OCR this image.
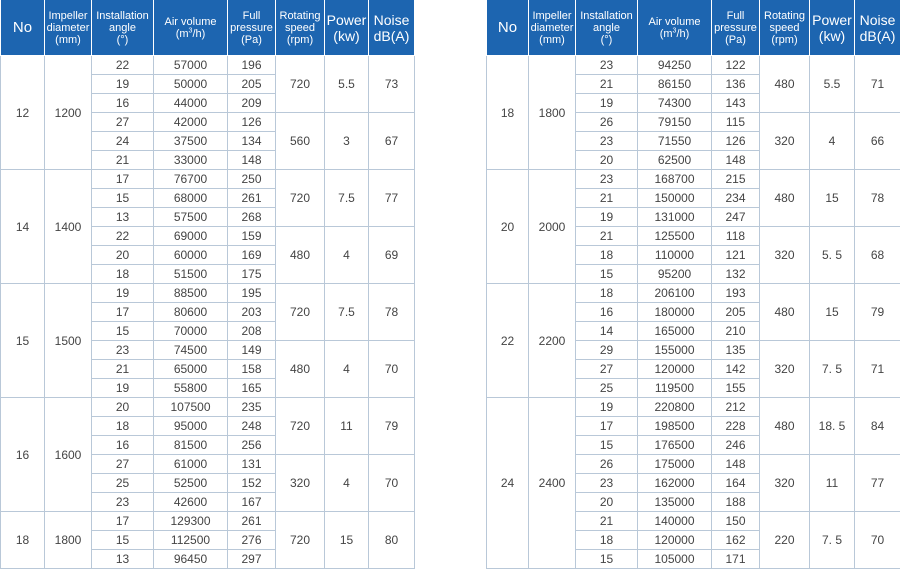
No	Impeller
diameter
(mm)	Installation
angle
(°)	Air volume
$(m^3/h)$	Full
pressure
(Pa)	Rotating
speed
(rpm)	Power
(kw)	Noise
dB(A)
12	1200	22	57000	196	720	5.5	73
		19	50000	205			
		16	44000	209			
		27	42000	126	560	3	67
		24	37500	134			
		21	33000	148			
14	1400	17	76700	250	720	7.5	77
		15	68000	261			
		13	57500	268			
		22	69000	159	480	4	69
		20	60000	169			
		18	51500	175			
15	1500	19	88500	195	720	7.5	78
		17	80600	203			
		15	70000	208			
		23	74500	149	480	4	70
		21	65000	158			
		19	55800	165			
16	1600	20	107500	235	720	11	79
		18	95000	248			
		16	81500	256			
		27	61000	131	320	4	70
		25	52500	152			
		23	42600	167			
18	1800	17	129300	261	720	15	80
		15	112500	276			
		13	96450	297			
No	Impeller
diameter
(mm)	Installation
angle
(°)	Air volume
$(m^3/h)$	Full
pressure
(Pa)	Rotating
speed
(rpm)	Power
(kw)	Noise
dB(A)
18	1800	23	94250	122	480	5.5	71
		21	86150	136			
		19	74300	143			
		26	79150	115	320	4	66
		23	71550	126			
		20	62500	148			
20	2000	23	168700	215	480	15	78
		21	150000	234			
		19	131000	247			
		21	125500	118	320	5. 5	68
		18	110000	121			
		15	95200	132			
22	2200	18	206100	193	480	15	79
		16	180000	205			
		14	165000	210			
		29	155000	135	320	7. 5	71
		27	120000	142			
		25	119500	155			
24	2400	19	220800	212	480	18. 5	84
		17	198500	228			
		15	176500	246			
		26	175000	148	320	11	77
		23	162000	164			
		20	135000	188			
		21	140000	150	220	7. 5	70
		18	120000	162			
		15	105000	171			
